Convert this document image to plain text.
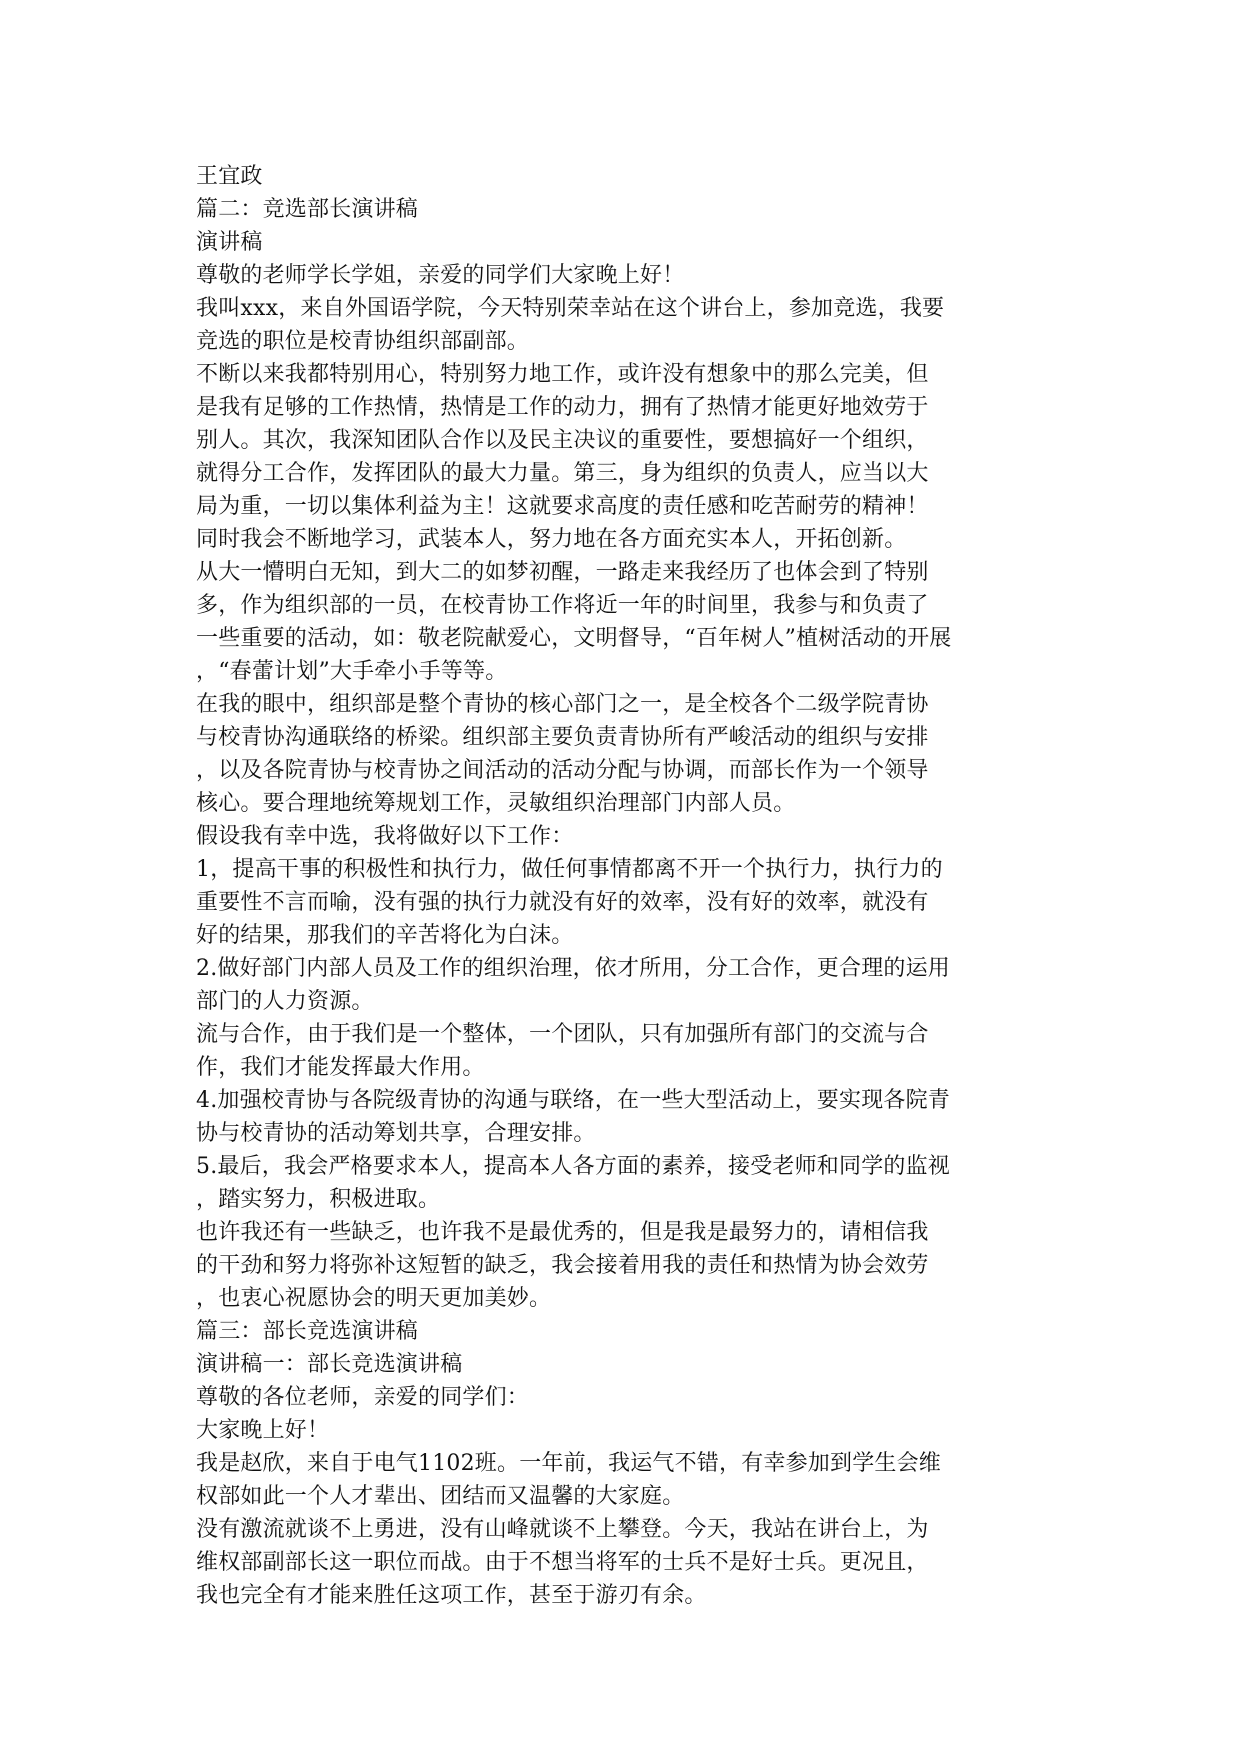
王宜政
篇二：竞选部长演讲稿
演讲稿
尊敬的老师学长学姐，亲爱的同学们大家晚上好！
我叫xxx，来自外国语学院，今天特别荣幸站在这个讲台上，参加竞选，我要
竞选的职位是校青协组织部副部。
不断以来我都特别用心，特别努力地工作，或许没有想象中的那么完美，但
是我有足够的工作热情，热情是工作的动力，拥有了热情才能更好地效劳于
别人。其次，我深知团队合作以及民主决议的重要性，要想搞好一个组织，
就得分工合作，发挥团队的最大力量。第三，身为组织的负责人，应当以大
局为重，一切以集体利益为主！这就要求高度的责任感和吃苦耐劳的精神！
同时我会不断地学习，武装本人，努力地在各方面充实本人，开拓创新。
从大一懵明白无知，到大二的如梦初醒，一路走来我经历了也体会到了特别
多，作为组织部的一员，在校青协工作将近一年的时间里，我参与和负责了
一些重要的活动，如：敬老院献爱心，文明督导，“百年树人”植树活动的开展
，“春蕾计划”大手牵小手等等。
在我的眼中，组织部是整个青协的核心部门之一，是全校各个二级学院青协
与校青协沟通联络的桥梁。组织部主要负责青协所有严峻活动的组织与安排
，以及各院青协与校青协之间活动的活动分配与协调，而部长作为一个领导
核心。要合理地统筹规划工作，灵敏组织治理部门内部人员。
假设我有幸中选，我将做好以下工作：
1，提高干事的积极性和执行力，做任何事情都离不开一个执行力，执行力的
重要性不言而喻，没有强的执行力就没有好的效率，没有好的效率，就没有
好的结果，那我们的辛苦将化为白沫。
2.做好部门内部人员及工作的组织治理，依才所用，分工合作，更合理的运用
部门的人力资源。
流与合作，由于我们是一个整体，一个团队，只有加强所有部门的交流与合
作，我们才能发挥最大作用。
4.加强校青协与各院级青协的沟通与联络，在一些大型活动上，要实现各院青
协与校青协的活动筹划共享，合理安排。
5.最后，我会严格要求本人，提高本人各方面的素养，接受老师和同学的监视
，踏实努力，积极进取。
也许我还有一些缺乏，也许我不是最优秀的，但是我是最努力的，请相信我
的干劲和努力将弥补这短暂的缺乏，我会接着用我的责任和热情为协会效劳
，也衷心祝愿协会的明天更加美妙。
篇三：部长竞选演讲稿
演讲稿一：部长竞选演讲稿
尊敬的各位老师，亲爱的同学们：
大家晚上好！
我是赵欣，来自于电气1102班。一年前，我运气不错，有幸参加到学生会维
权部如此一个人才辈出、团结而又温馨的大家庭。
没有激流就谈不上勇进，没有山峰就谈不上攀登。今天，我站在讲台上，为
维权部副部长这一职位而战。由于不想当将军的士兵不是好士兵。更况且，
我也完全有才能来胜任这项工作，甚至于游刃有余。
